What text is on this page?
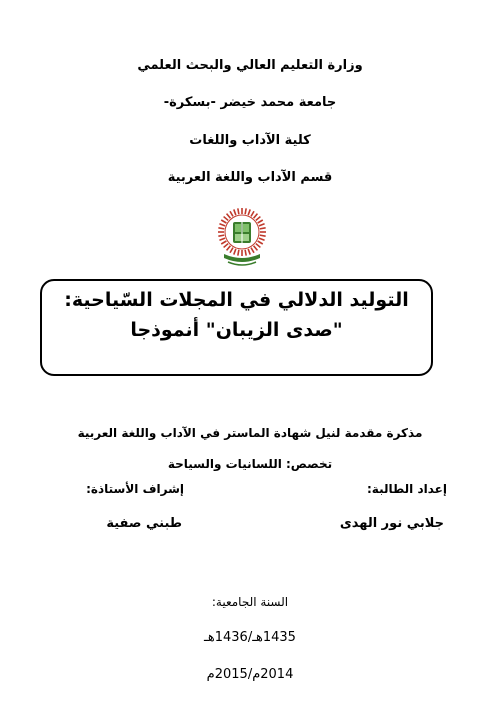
وزارة التعليم العالي والبحث العلمي
جامعة محمد خيضر -بسكرة-
كلية الآداب واللغات
قسم الآداب واللغة العربية
التوليد الدلالي في المجلات السّياحية:
"صدى الزيبان" أنموذجا
مذكرة مقدمة لنيل شهادة الماستر في الآداب واللغة العربية
تخصص: اللسانيات والسياحة
إعداد الطالبة:
إشراف الأستاذة:
جلابي نور الهدى
طبني صفية
السنة الجامعية:
1435هـ/1436هـ
2014م/2015م
